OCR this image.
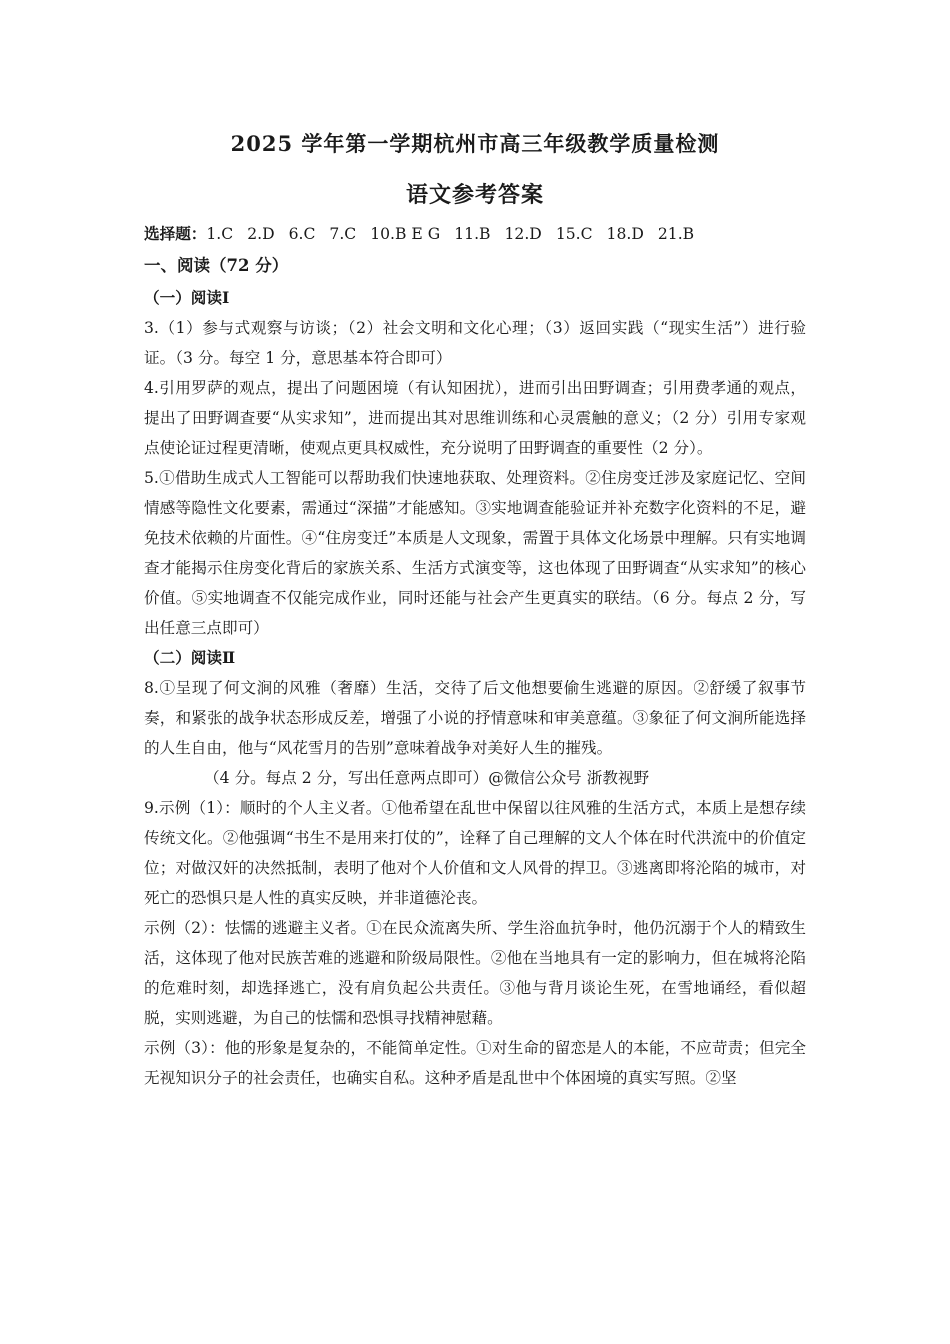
2025 学年第一学期杭州市高三年级教学质量检测
语文参考答案
选择题：1.C 2.D 6.C 7.C 10.B E G 11.B 12.D 15.C 18.D 21.B
一、阅读（72 分）
（一）阅读Ⅰ

3.（1）参与式观察与访谈；（2）社会文明和文化心理；（3）返回实践（“现实生活”）进行验证。（3 分。每空 1 分，意思基本符合即可）

4.引用罗萨的观点，提出了问题困境（有认知困扰），进而引出田野调查；引用费孝通的观点，提出了田野调查要“从实求知”，进而提出其对思维训练和心灵震触的意义；（2 分）引用专家观点使论证过程更清晰，使观点更具权威性，充分说明了田野调查的重要性（2 分）。

5.①借助生成式人工智能可以帮助我们快速地获取、处理资料。②住房变迁涉及家庭记忆、空间情感等隐性文化要素，需通过“深描”才能感知。③实地调查能验证并补充数字化资料的不足，避免技术依赖的片面性。④“住房变迁”本质是人文现象，需置于具体文化场景中理解。只有实地调查才能揭示住房变化背后的家族关系、生活方式演变等，这也体现了田野调查“从实求知”的核心价值。⑤实地调查不仅能完成作业，同时还能与社会产生更真实的联结。（6 分。每点 2 分，写出任意三点即可）

（二）阅读Ⅱ

8.①呈现了何文涧的风雅（奢靡）生活，交待了后文他想要偷生逃避的原因。②舒缓了叙事节奏，和紧张的战争状态形成反差，增强了小说的抒情意味和审美意蕴。③象征了何文涧所能选择的人生自由，他与“风花雪月的告别”意味着战争对美好人生的摧残。

（4 分。每点 2 分，写出任意两点即可）@微信公众号 浙教视野

9.示例（1）：顺时的个人主义者。①他希望在乱世中保留以往风雅的生活方式，本质上是想存续传统文化。②他强调“书生不是用来打仗的”，诠释了自己理解的文人个体在时代洪流中的价值定位；对做汉奸的决然抵制，表明了他对个人价值和文人风骨的捍卫。③逃离即将沦陷的城市，对死亡的恐惧只是人性的真实反映，并非道德沦丧。

示例（2）：怯懦的逃避主义者。①在民众流离失所、学生浴血抗争时，他仍沉溺于个人的精致生活，这体现了他对民族苦难的逃避和阶级局限性。②他在当地具有一定的影响力，但在城将沦陷的危难时刻，却选择逃亡，没有肩负起公共责任。③他与背月谈论生死，在雪地诵经，看似超脱，实则逃避，为自己的怯懦和恐惧寻找精神慰藉。

示例（3）：他的形象是复杂的，不能简单定性。①对生命的留恋是人的本能，不应苛责；但完全无视知识分子的社会责任，也确实自私。这种矛盾是乱世中个体困境的真实写照。②坚
